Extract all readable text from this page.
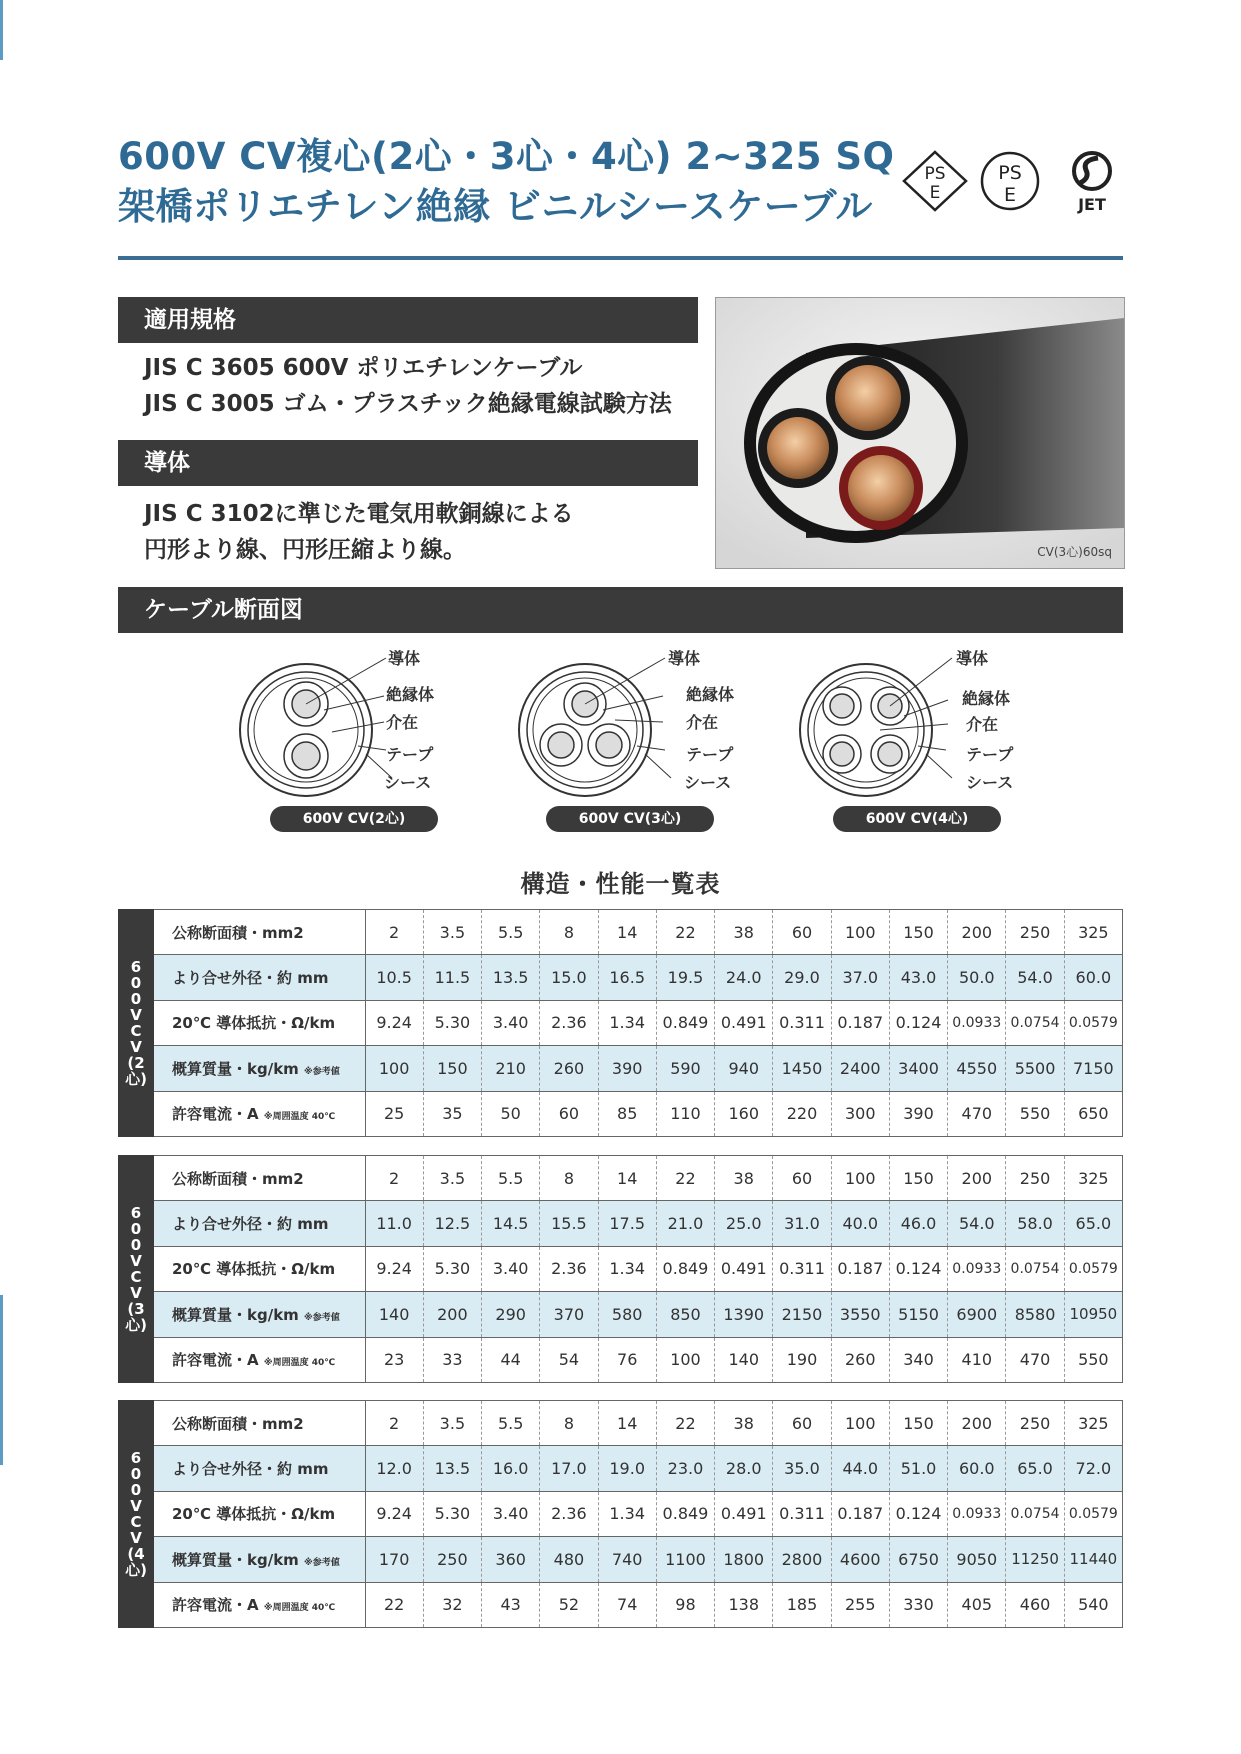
600V CV複心(2心・3心・4心) 2~325 SQ
架橋ポリエチレン絶縁 ビニルシースケーブル
PS
E
PS
E	JET
適用規格
JIS C 3605 600V ポリエチレンケーブル
JIS C 3005 ゴム・プラスチック絶縁電線試験方法
導体
JIS C 3102に準じた電気用軟銅線による
円形より線、円形圧縮より線。	CV(3心)60sq
ケーブル断面図
導体
絶縁体
介在
テープ
シース
600V CV(2心)
導体
絶縁体
介在
テープ
シース
600V CV(3心)
導体
絶縁体
介在
テープ
シース
600V CV(4心)
構造・性能一覧表
6
0
0
V
C
V
(2
心)
公称断面積・mm2	2	3.5	5.5	8	14	22	38	60	100	150	200	250	325
より合せ外径・約 mm	10.5	11.5	13.5	15.0	16.5	19.5	24.0	29.0	37.0	43.0	50.0	54.0	60.0
20℃ 導体抵抗・Ω/km	9.24	5.30	3.40	2.36	1.34	0.849	0.491	0.311	0.187	0.124	0.0933	0.0754	0.0579
概算質量・kg/km ※参考値	100	150	210	260	390	590	940	1450	2400	3400	4550	5500	7150
許容電流・A ※周囲温度 40℃	25	35	50	60	85	110	160	220	300	390	470	550	650
6
0
0
V
C
V
(3
心)
公称断面積・mm2	2	3.5	5.5	8	14	22	38	60	100	150	200	250	325
より合せ外径・約 mm	11.0	12.5	14.5	15.5	17.5	21.0	25.0	31.0	40.0	46.0	54.0	58.0	65.0
20℃ 導体抵抗・Ω/km	9.24	5.30	3.40	2.36	1.34	0.849	0.491	0.311	0.187	0.124	0.0933	0.0754	0.0579
概算質量・kg/km ※参考値	140	200	290	370	580	850	1390	2150	3550	5150	6900	8580	10950
許容電流・A ※周囲温度 40℃	23	33	44	54	76	100	140	190	260	340	410	470	550
6
0
0
V
C
V
(4
心)
公称断面積・mm2	2	3.5	5.5	8	14	22	38	60	100	150	200	250	325
より合せ外径・約 mm	12.0	13.5	16.0	17.0	19.0	23.0	28.0	35.0	44.0	51.0	60.0	65.0	72.0
20℃ 導体抵抗・Ω/km	9.24	5.30	3.40	2.36	1.34	0.849	0.491	0.311	0.187	0.124	0.0933	0.0754	0.0579
概算質量・kg/km ※参考値	170	250	360	480	740	1100	1800	2800	4600	6750	9050	11250	11440
許容電流・A ※周囲温度 40℃	22	32	43	52	74	98	138	185	255	330	405	460	540
